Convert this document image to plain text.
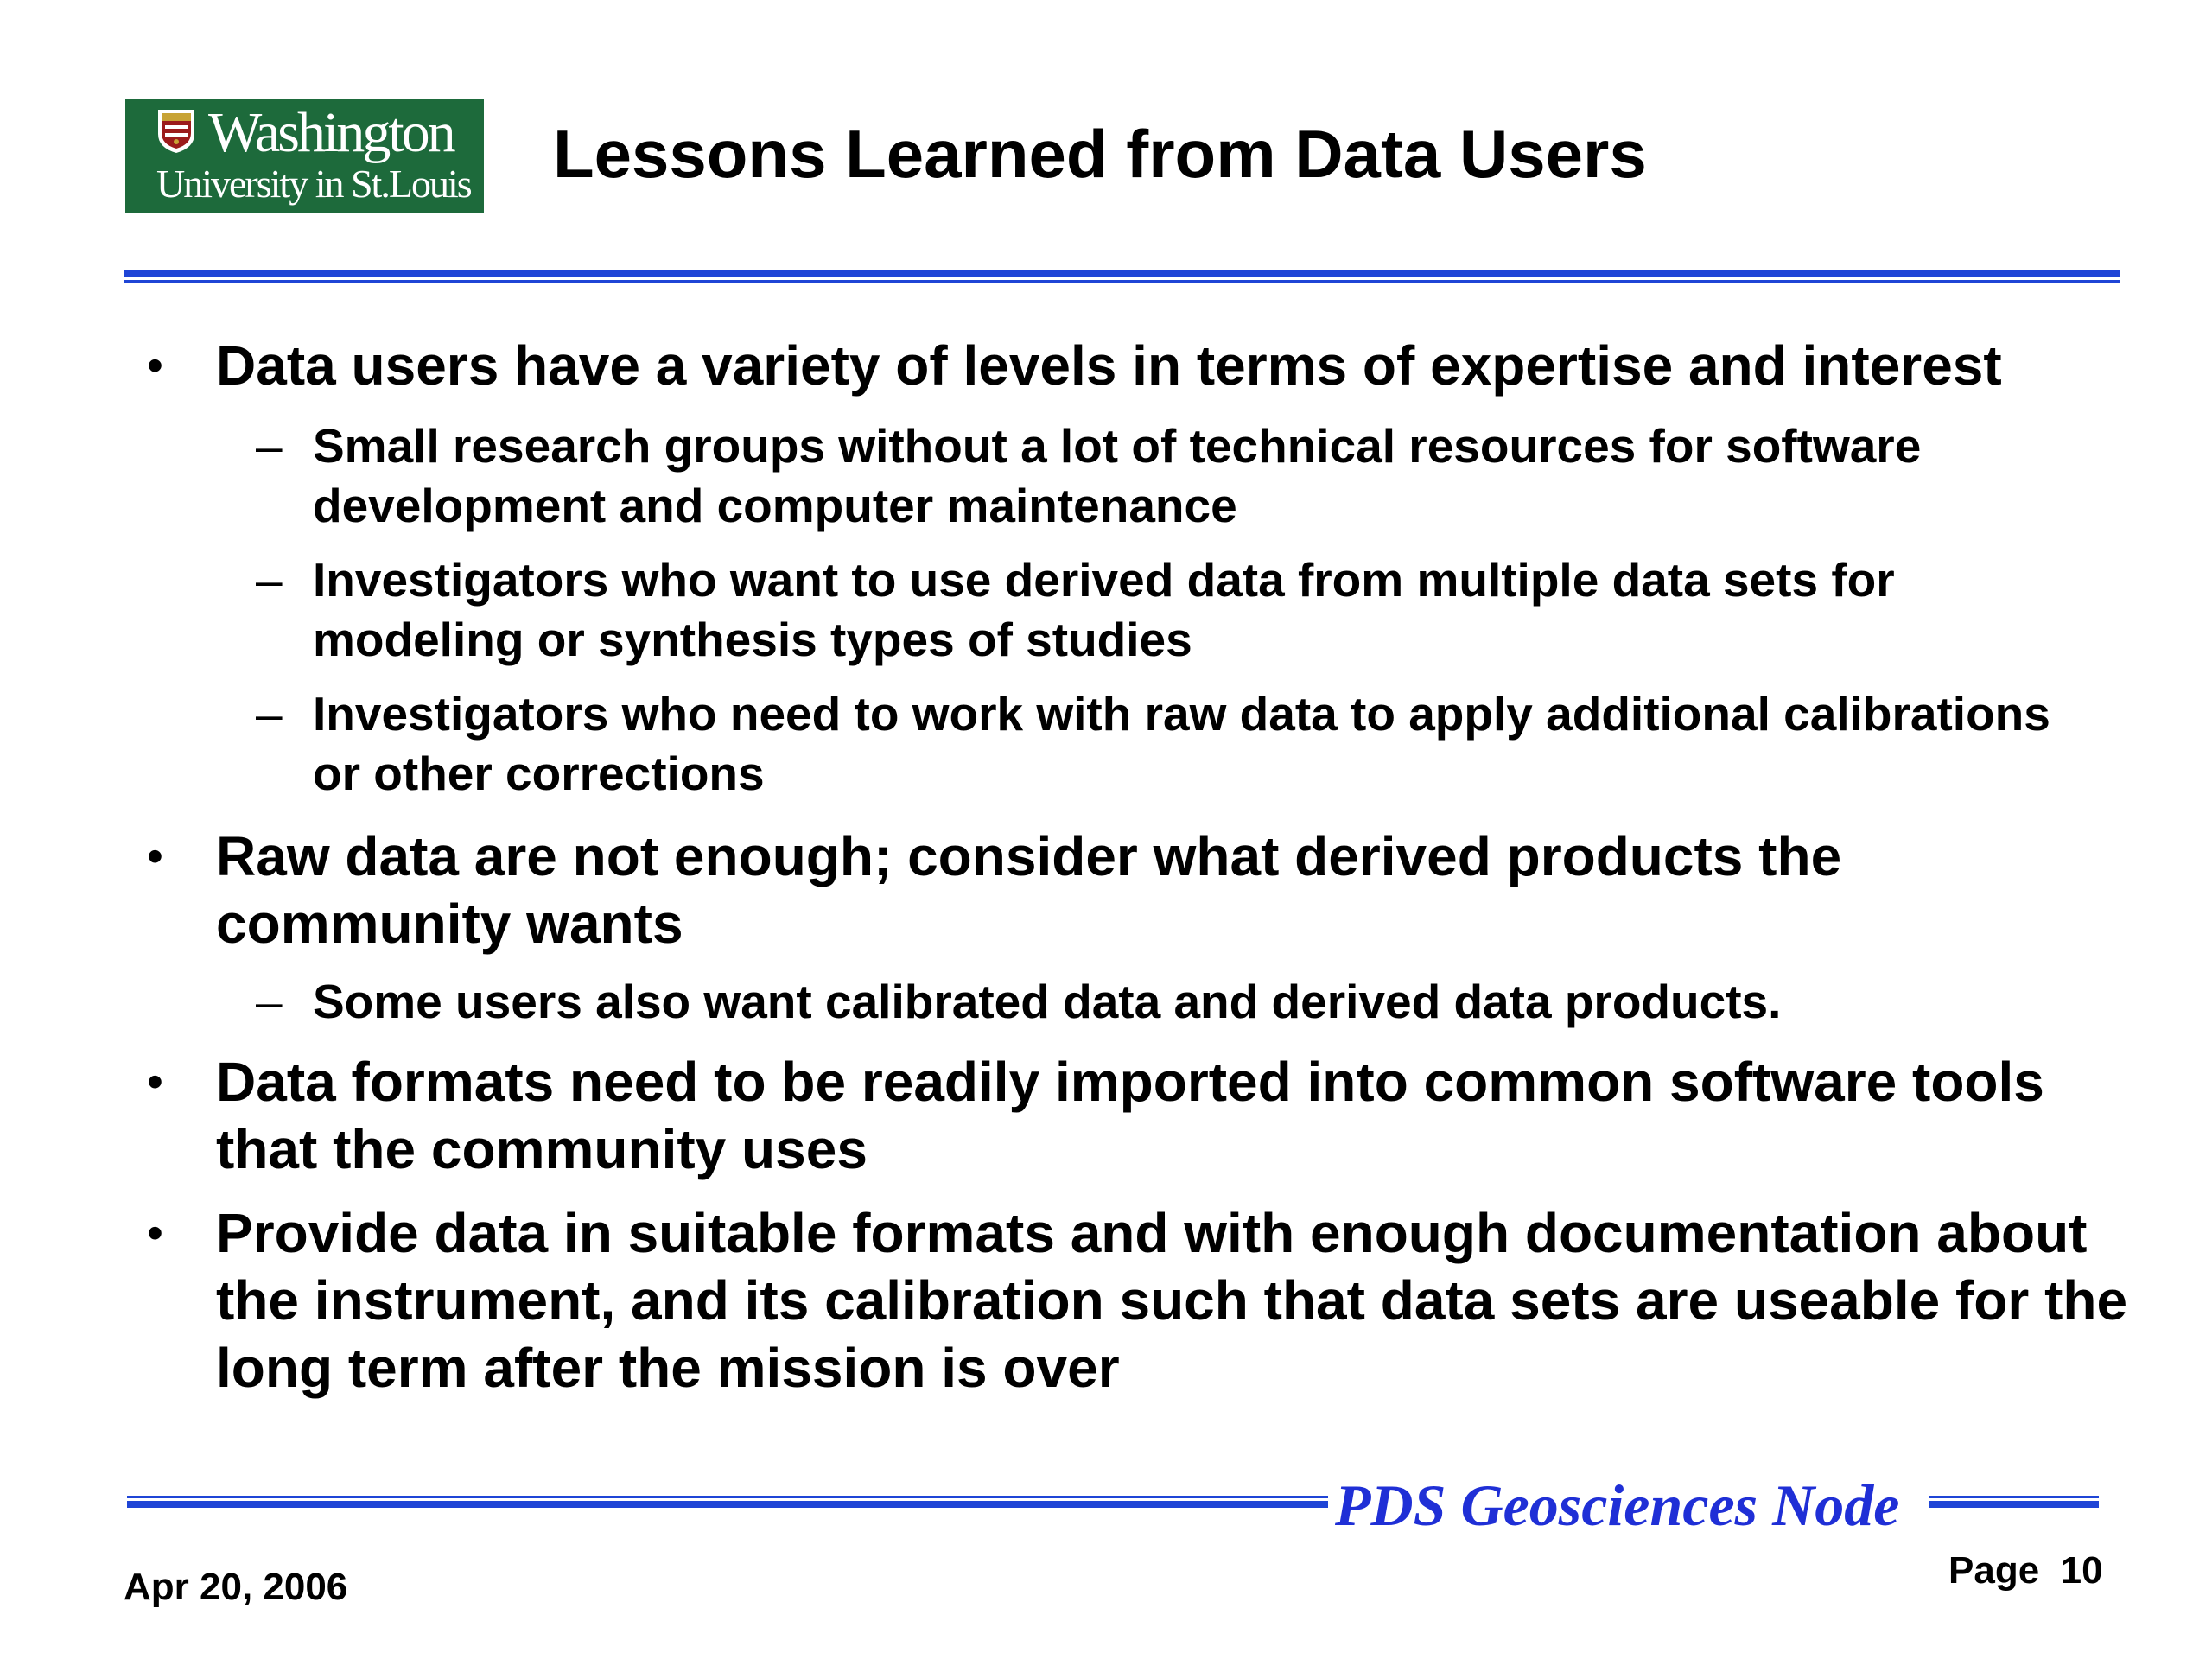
Washington
University in St.Louis Lessons Learned from Data Users
• Data users have a variety of levels in terms of expertise and interest
– Small research groups without a lot of technical resources for software development and computer maintenance
– Investigators who want to use derived data from multiple data sets for modeling or synthesis types of studies
– Investigators who need to work with raw data to apply additional calibrations or other corrections
• Raw data are not enough; consider what derived products the community wants
– Some users also want calibrated data and derived data products.
• Data formats need to be readily imported into common software tools that the community uses
• Provide data in suitable formats and with enough documentation about the instrument, and its calibration such that data sets are useable for the long term after the mission is over
PDS Geosciences Node
Apr 20, 2006	Page  10
